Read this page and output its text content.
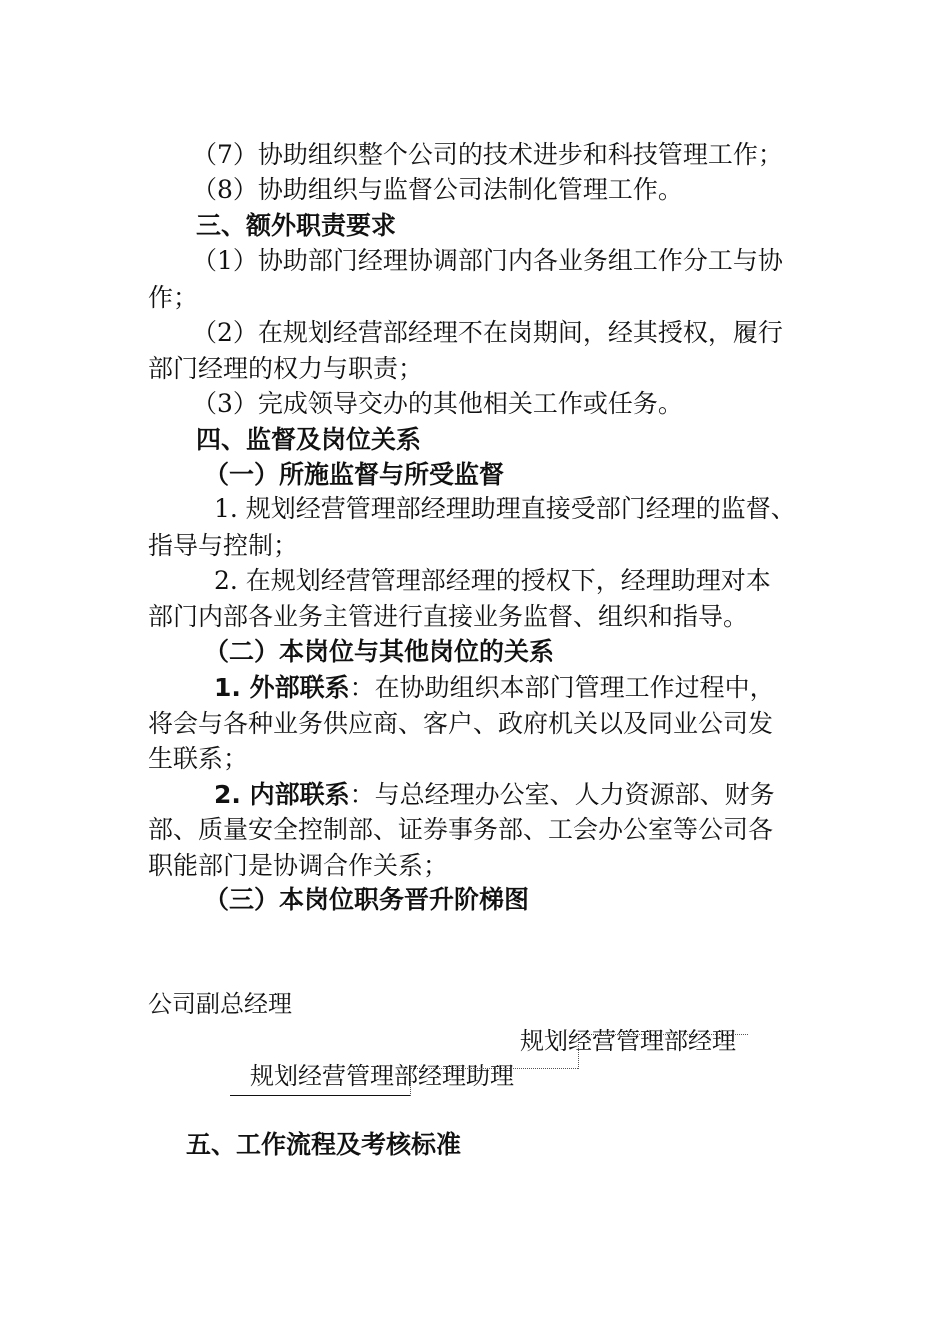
（7）协助组织整个公司的技术进步和科技管理工作；
（8）协助组织与监督公司法制化管理工作。
三、额外职责要求
（1）协助部门经理协调部门内各业务组工作分工与协
作；
（2）在规划经营部经理不在岗期间，经其授权，履行
部门经理的权力与职责；
（3）完成领导交办的其他相关工作或任务。
四、监督及岗位关系
（一）所施监督与所受监督
1. 规划经营管理部经理助理直接受部门经理的监督、
指导与控制；
2. 在规划经营管理部经理的授权下，经理助理对本
部门内部各业务主管进行直接业务监督、组织和指导。
（二）本岗位与其他岗位的关系
1. 外部联系：在协助组织本部门管理工作过程中，
将会与各种业务供应商、客户、政府机关以及同业公司发
生联系；
2. 内部联系：与总经理办公室、人力资源部、财务
部、质量安全控制部、证券事务部、工会办公室等公司各
职能部门是协调合作关系；
（三）本岗位职务晋升阶梯图
公司副总经理
规划经营管理部经理
规划经营管理部经理助理
五、工作流程及考核标准
